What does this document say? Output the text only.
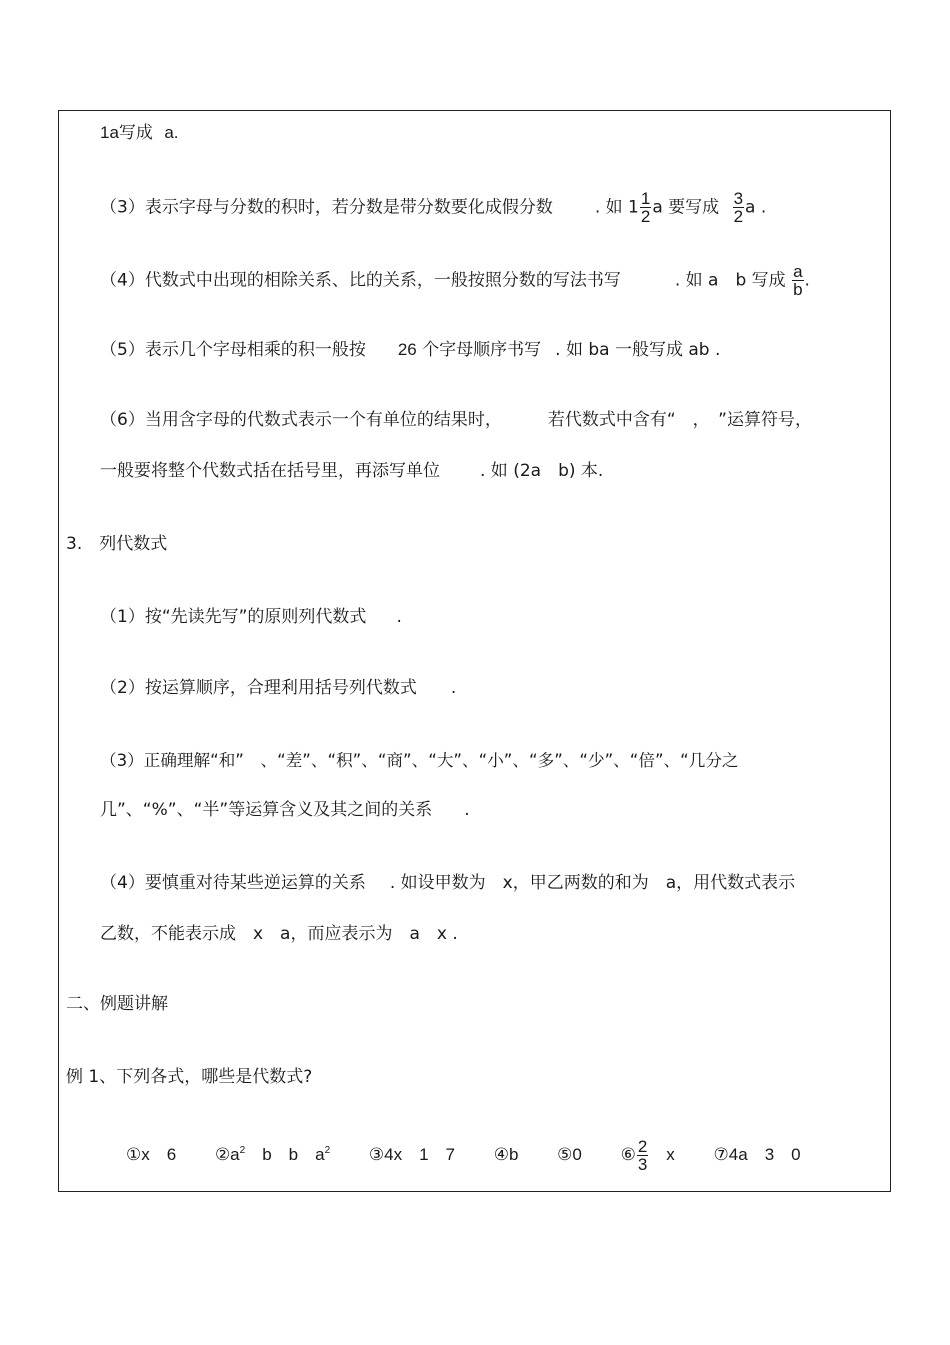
1a写成 a.
（3）表示字母与分数的积时，若分数是带分数要化成假分数 . 如 $1 \frac{1}{2}$ a 要写成 $\frac{3}{2}$ a .
（4）代数式中出现的相除关系、比的关系，一般按照分数的写法书写	. 如 a　b 写成 $\frac{a}{b}$ .
（5）表示几个字母相乘的积一般按 26 个字母顺序书写 . 如 ba 一般写成 ab .
（6）当用含字母的代数式表示一个有单位的结果时，	若代数式中含有“　，　”运算符号，
一般要将整个代数式括在括号里，再添写单位 . 如 (2a　b) 本.
3.　列代数式
（1）按“先读先写”的原则列代数式 .
（2）按运算顺序，合理利用括号列代数式 .
（3）正确理解“和”　、“差”、“积”、“商”、“大”、“小”、“多”、“少”、“倍”、“几分之
几”、“%”、“半”等运算含义及其之间的关系 .
（4）要慎重对待某些逆运算的关系 . 如设甲数为　x，甲乙两数的和为　a，用代数式表示
乙数，不能表示成　x　a，而应表示为　a　x .
二、例题讲解
例 1、下列各式，哪些是代数式?
①x　6 $②a^2$　b　b　$a^2$ ③4x　1　7 ④b ⑤0 ⑥ $\frac{2}{3}$ 　x ⑦4a　3　0
